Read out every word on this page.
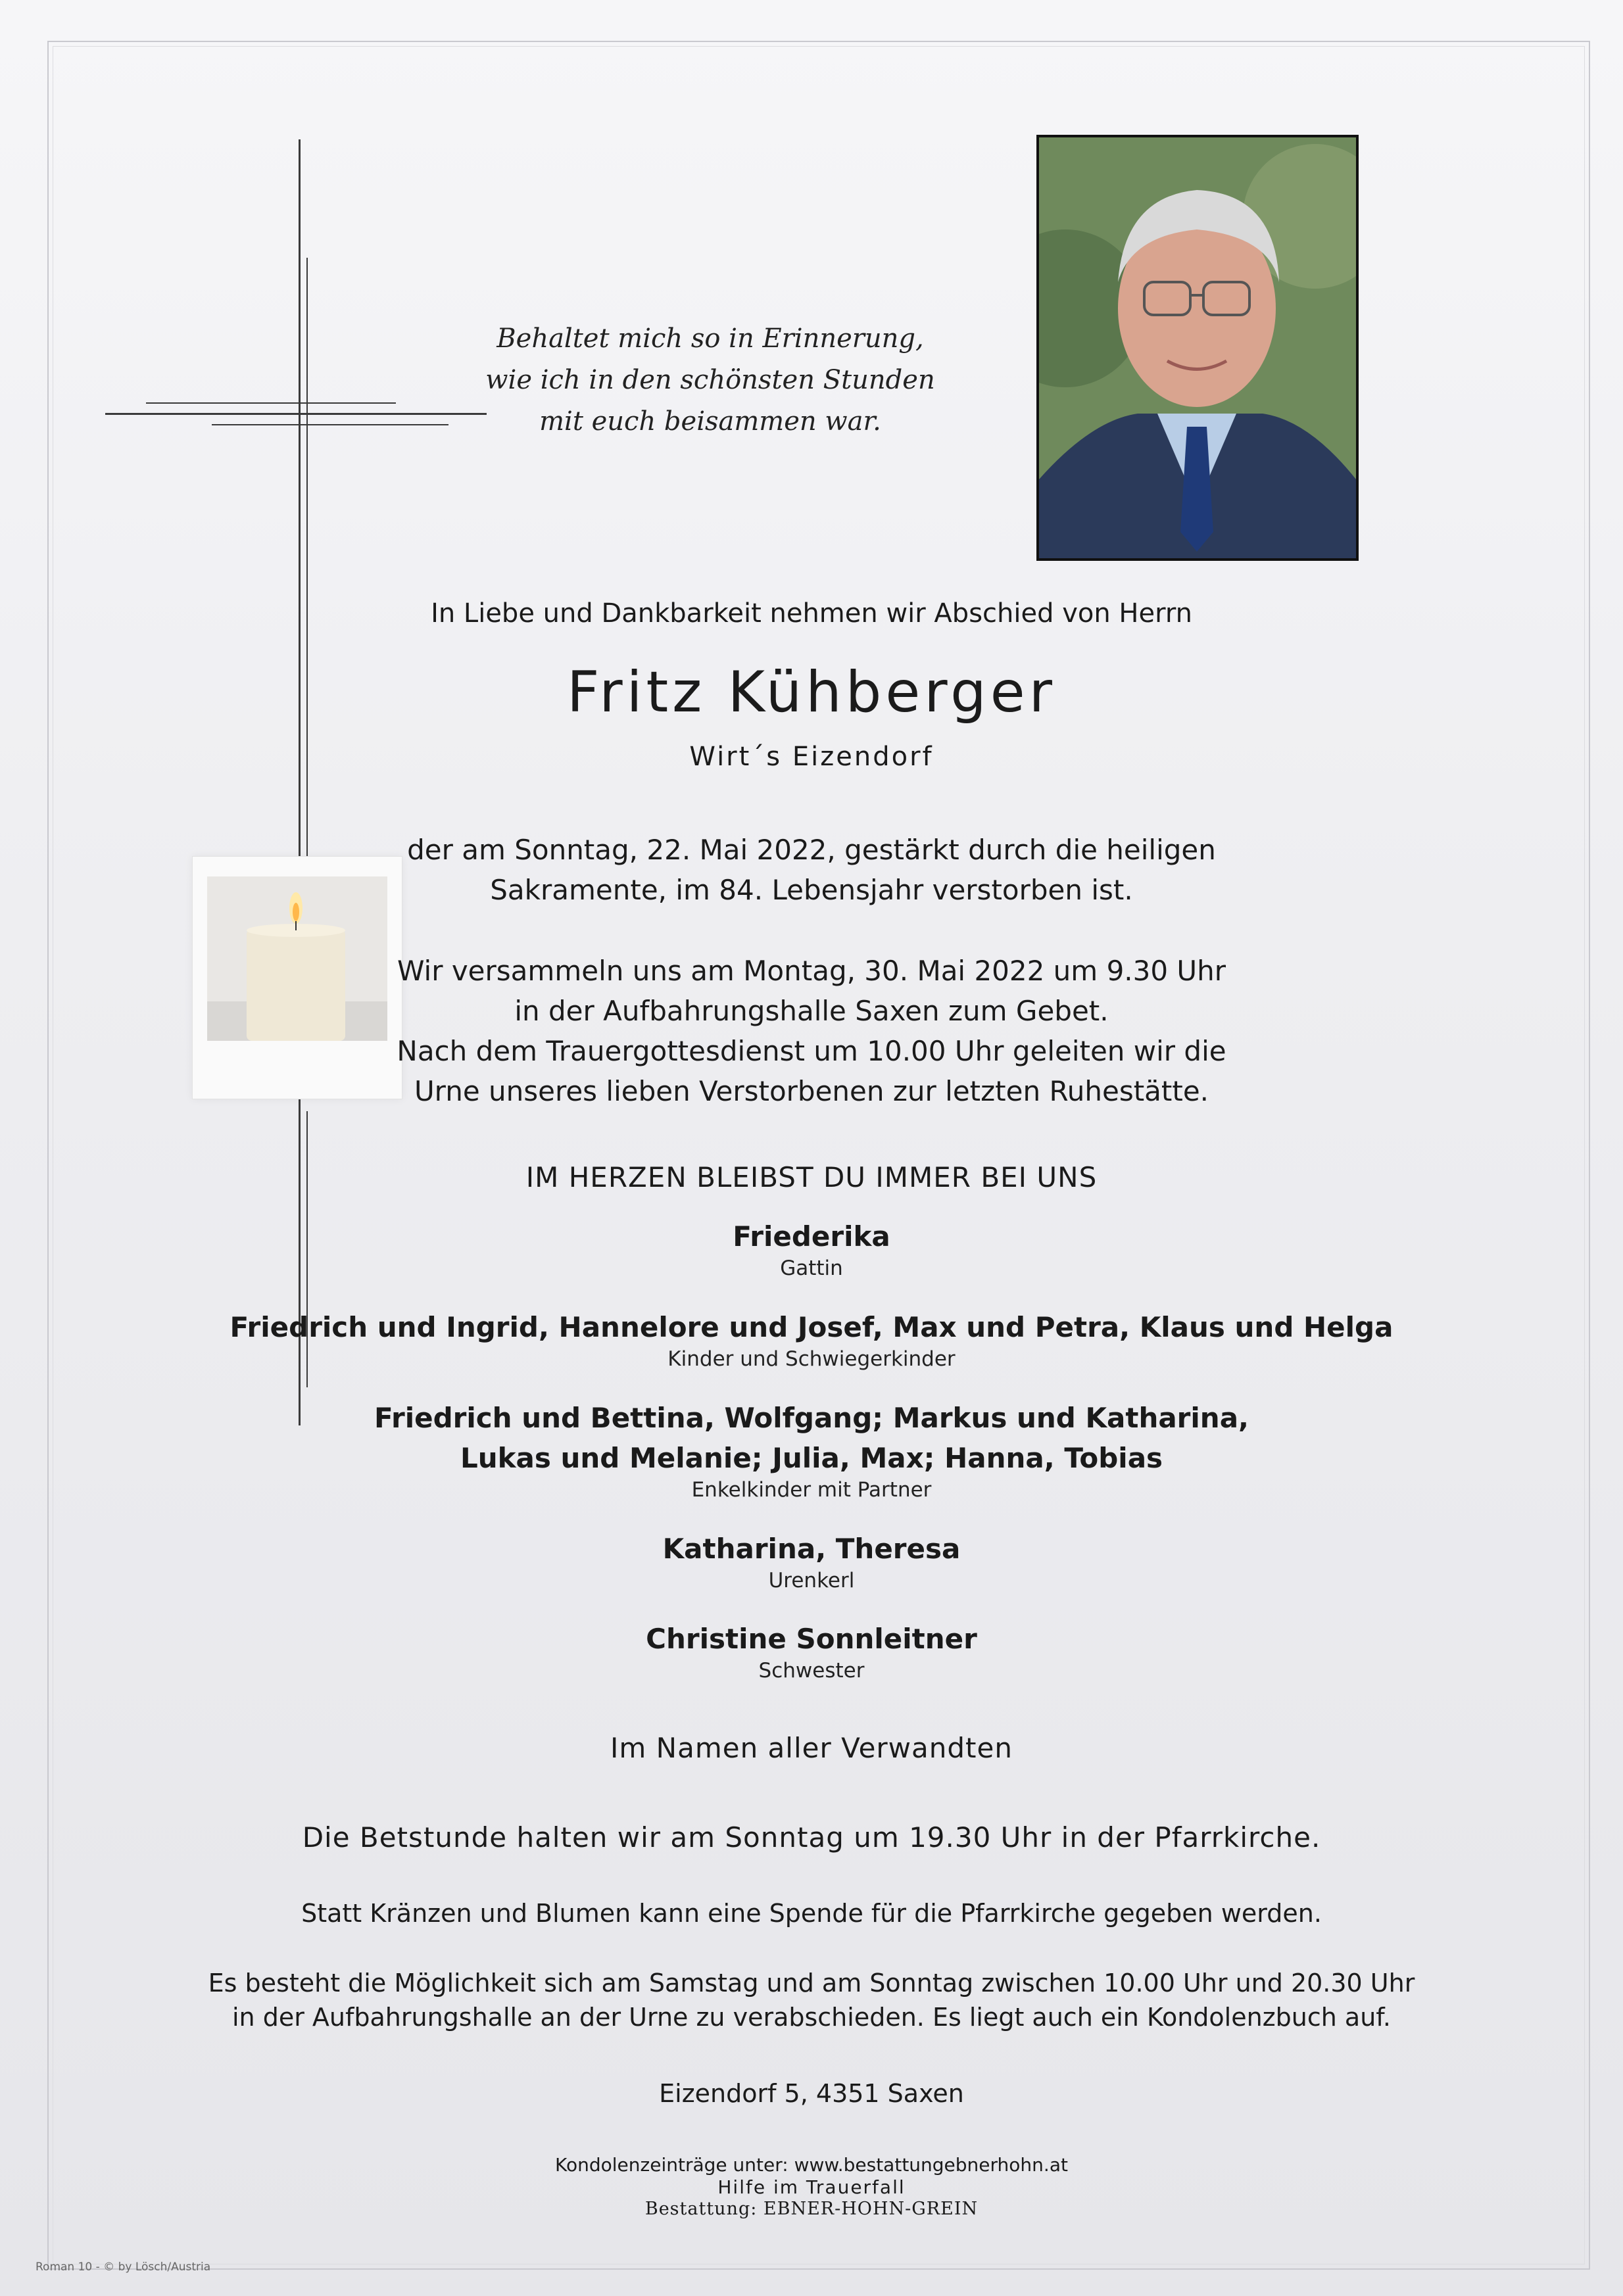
Behaltet mich so in Erinnerung,
wie ich in den schönsten Stunden
mit euch beisammen war.
In Liebe und Dankbarkeit nehmen wir Abschied von Herrn
Fritz Kühberger
Wirt´s Eizendorf
der am Sonntag, 22. Mai 2022, gestärkt durch die heiligen
Sakramente, im 84. Lebensjahr verstorben ist.
Wir versammeln uns am Montag, 30. Mai 2022 um 9.30 Uhr
in der Aufbahrungshalle Saxen zum Gebet.
Nach dem Trauergottesdienst um 10.00 Uhr geleiten wir die
Urne unseres lieben Verstorbenen zur letzten Ruhestätte.
IM HERZEN BLEIBST DU IMMER BEI UNS
Friederika
Gattin
Friedrich und Ingrid, Hannelore und Josef, Max und Petra, Klaus und Helga
Kinder und Schwiegerkinder
Friedrich und Bettina, Wolfgang; Markus und Katharina,
Lukas und Melanie; Julia, Max; Hanna, Tobias
Enkelkinder mit Partner
Katharina, Theresa
Urenkerl
Christine Sonnleitner
Schwester
Im Namen aller Verwandten
Die Betstunde halten wir am Sonntag um 19.30 Uhr in der Pfarrkirche.
Statt Kränzen und Blumen kann eine Spende für die Pfarrkirche gegeben werden.
Es besteht die Möglichkeit sich am Samstag und am Sonntag zwischen 10.00 Uhr und 20.30 Uhr
in der Aufbahrungshalle an der Urne zu verabschieden. Es liegt auch ein Kondolenzbuch auf.
Eizendorf 5, 4351 Saxen
Kondolenzeinträge unter: www.bestattungebnerhohn.at
Hilfe im Trauerfall
Bestattung: EBNER-HOHN-GREIN
Roman 10 - © by Lösch/Austria
